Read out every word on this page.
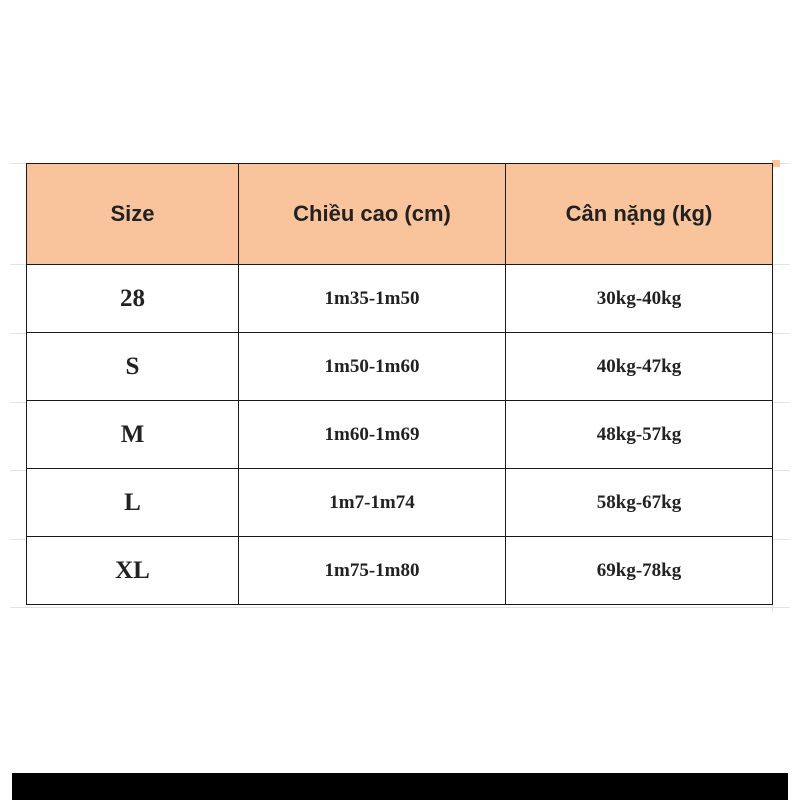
Size	Chiều cao (cm)	Cân nặng (kg)
28	1m35-1m50	30kg-40kg
S	1m50-1m60	40kg-47kg
M	1m60-1m69	48kg-57kg
L	1m7-1m74	58kg-67kg
XL	1m75-1m80	69kg-78kg
